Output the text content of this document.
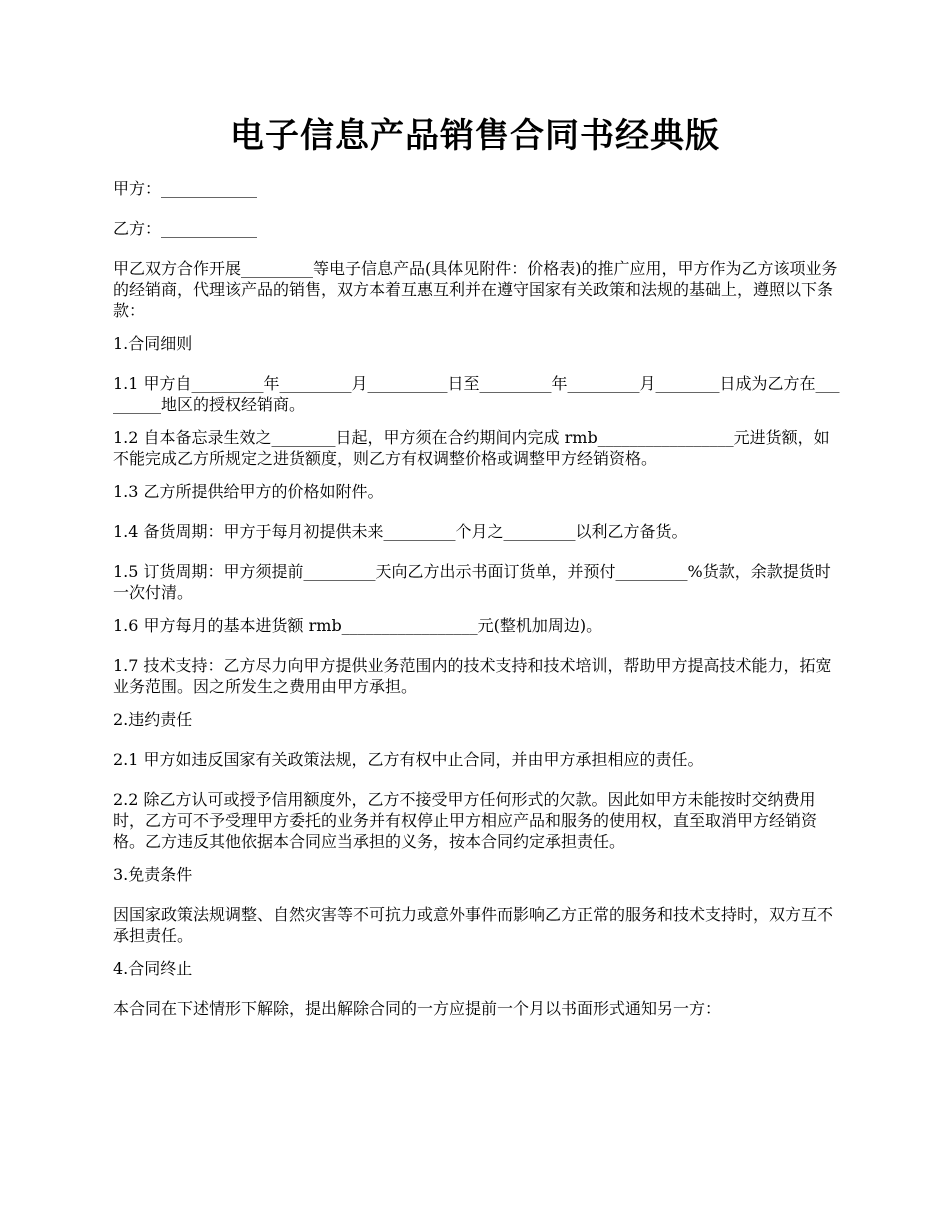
电子信息产品销售合同书经典版

甲方：____________

乙方：____________

甲乙双方合作开展_________等电子信息产品(具体见附件：价格表)的推广应用，甲方作为乙方该项业务的经销商，代理该产品的销售，双方本着互惠互利并在遵守国家有关政策和法规的基础上，遵照以下条款：

1.合同细则

1.1 甲方自_________年_________月__________日至_________年_________月________日成为乙方在_________地区的授权经销商。

1.2 自本备忘录生效之________日起，甲方须在合约期间内完成 rmb_________________元进货额，如不能完成乙方所规定之进货额度，则乙方有权调整价格或调整甲方经销资格。

1.3 乙方所提供给甲方的价格如附件。

1.4 备货周期：甲方于每月初提供未来_________个月之_________以利乙方备货。

1.5 订货周期：甲方须提前_________天向乙方出示书面订货单，并预付_________%货款，余款提货时一次付清。

1.6 甲方每月的基本进货额 rmb_________________元(整机加周边)。

1.7 技术支持：乙方尽力向甲方提供业务范围内的技术支持和技术培训，帮助甲方提高技术能力，拓宽业务范围。因之所发生之费用由甲方承担。

2.违约责任

2.1 甲方如违反国家有关政策法规，乙方有权中止合同，并由甲方承担相应的责任。

2.2 除乙方认可或授予信用额度外，乙方不接受甲方任何形式的欠款。因此如甲方未能按时交纳费用时，乙方可不予受理甲方委托的业务并有权停止甲方相应产品和服务的使用权，直至取消甲方经销资格。乙方违反其他依据本合同应当承担的义务，按本合同约定承担责任。

3.免责条件

因国家政策法规调整、自然灾害等不可抗力或意外事件而影响乙方正常的服务和技术支持时，双方互不承担责任。

4.合同终止

本合同在下述情形下解除，提出解除合同的一方应提前一个月以书面形式通知另一方：
